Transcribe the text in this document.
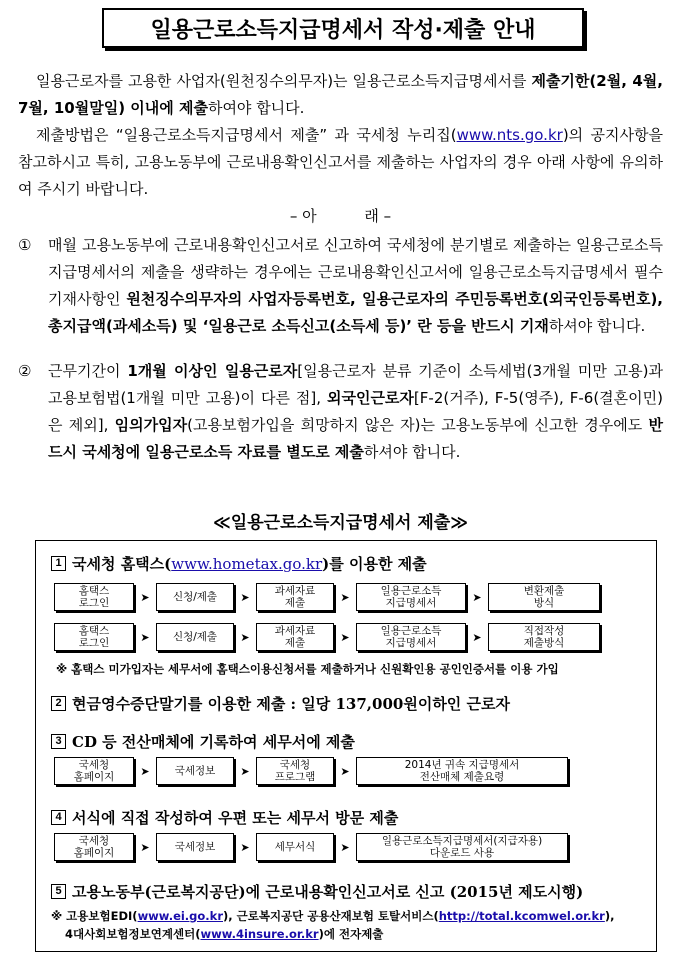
일용근로소득지급명세서 작성·제출 안내
일용근로자를 고용한 사업자(원천징수의무자)는 일용근로소득지급명세서를 제출기한(2월, 4월, 7월, 10월말일) 이내에 제출하여야 합니다.
제출방법은 “일용근로소득지급명세서 제출” 과 국세청 누리집(www.nts.go.kr)의 공지사항을 참고하시고 특히, 고용노동부에 근로내용확인신고서를 제출하는 사업자의 경우 아래 사항에 유의하여 주시기 바랍니다.
– 아          래 –
① 매월 고용노동부에 근로내용확인신고서로 신고하여 국세청에 분기별로 제출하는 일용근로소득지급명세서의 제출을 생략하는 경우에는 근로내용확인신고서에 일용근로소득지급명세서 필수 기재사항인 원천징수의무자의 사업자등록번호, 일용근로자의 주민등록번호(외국인등록번호), 총지급액(과세소득) 및 ‘일용근로 소득신고(소득세 등)’ 란 등을 반드시 기재하셔야 합니다.
② 근무기간이 1개월 이상인 일용근로자[일용근로자 분류 기준이 소득세법(3개월 미만 고용)과 고용보험법(1개월 미만 고용)이 다른 점], 외국인근로자[F-2(거주), F-5(영주), F-6(결혼이민)은 제외], 임의가입자(고용보험가입을 희망하지 않은 자)는 고용노동부에 신고한 경우에도 반드시 국세청에 일용근로소득 자료를 별도로 제출하셔야 합니다.
≪일용근로소득지급명세서 제출≫
1 국세청 홈택스( www.hometax.go.kr )를 이용한 제출
홈택스
로그인	➤	신청/제출	➤	과세자료
제출	➤	일용근로소득
지급명세서	➤	변환제출
방식
홈택스
로그인	➤	신청/제출	➤	과세자료
제출	➤	일용근로소득
지급명세서	➤	직접작성
제출방식
※ 홈택스 미가입자는 세무서에 홈택스이용신청서를 제출하거나 신원확인용 공인인증서를 이용 가입
2 현금영수증단말기를 이용한 제출 : 일당 137,000원이하인 근로자
3 CD 등 전산매체에 기록하여 세무서에 제출
국세청
홈페이지	➤	국세정보	➤	국세청
프로그램	➤	2014년 귀속 지급명세서
전산매체 제출요령
4 서식에 직접 작성하여 우편 또는 세무서 방문 제출
국세청
홈페이지	➤	국세정보	➤	세무서식	➤	일용근로소득지급명세서(지급자용)
다운로드 사용
5 고용노동부(근로복지공단)에 근로내용확인신고서로 신고 (2015년 제도시행)
※ 고용보험EDI(www.ei.go.kr), 근로복지공단 공용산재보험 토탈서비스(http://total.kcomwel.or.kr),
4대사회보험정보연계센터(www.4insure.or.kr)에 전자제출
